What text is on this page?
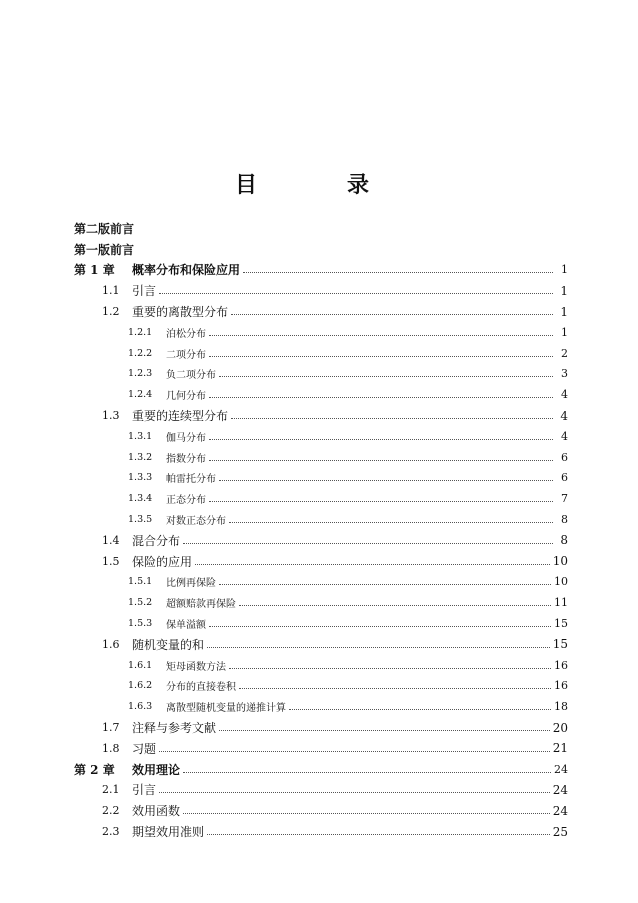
目　录
第二版前言
第一版前言
第 1 章	概率分布和保险应用	1
1.1	引言	1
1.2	重要的离散型分布	1
1.2.1	泊松分布	1
1.2.2	二项分布	2
1.2.3	负二项分布	3
1.2.4	几何分布	4
1.3	重要的连续型分布	4
1.3.1	伽马分布	4
1.3.2	指数分布	6
1.3.3	帕雷托分布	6
1.3.4	正态分布	7
1.3.5	对数正态分布	8
1.4	混合分布	8
1.5	保险的应用	10
1.5.1	比例再保险	10
1.5.2	超额赔款再保险	11
1.5.3	保单溢额	15
1.6	随机变量的和	15
1.6.1	矩母函数方法	16
1.6.2	分布的直接卷积	16
1.6.3	离散型随机变量的递推计算	18
1.7	注释与参考文献	20
1.8	习题	21
第 2 章	效用理论	24
2.1	引言	24
2.2	效用函数	24
2.3	期望效用准则	25
